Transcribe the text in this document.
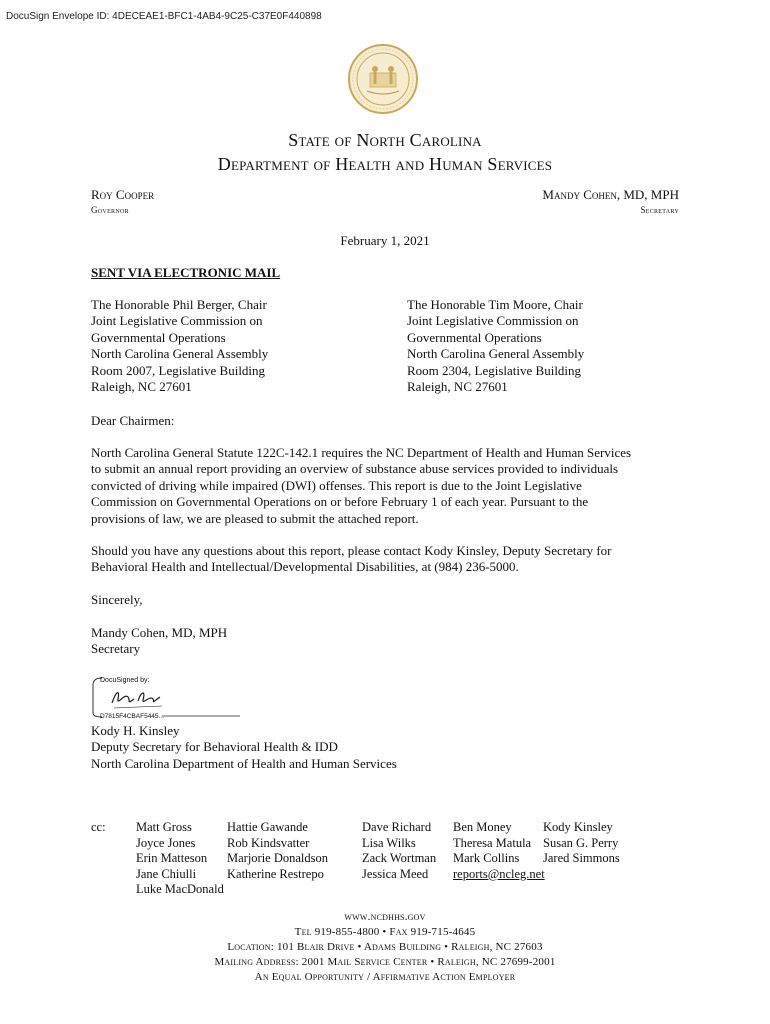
DocuSign Envelope ID: 4DECEAE1-BFC1-4AB4-9C25-C37E0F440898
State of North Carolina
Department of Health and Human Services
Roy Cooper
Governor
Mandy Cohen, MD, MPH
Secretary
February 1, 2021
SENT VIA ELECTRONIC MAIL
The Honorable Phil Berger, Chair
Joint Legislative Commission on
Governmental Operations
North Carolina General Assembly
Room 2007, Legislative Building
Raleigh, NC 27601
The Honorable Tim Moore, Chair
Joint Legislative Commission on
Governmental Operations
North Carolina General Assembly
Room 2304, Legislative Building
Raleigh, NC 27601
Dear Chairmen:
North Carolina General Statute 122C-142.1 requires the NC Department of Health and Human Services
to submit an annual report providing an overview of substance abuse services provided to individuals
convicted of driving while impaired (DWI) offenses. This report is due to the Joint Legislative
Commission on Governmental Operations on or before February 1 of each year. Pursuant to the
provisions of law, we are pleased to submit the attached report.
Should you have any questions about this report, please contact Kody Kinsley, Deputy Secretary for
Behavioral Health and Intellectual/Developmental Disabilities, at (984) 236-5000.
Sincerely,
Mandy Cohen, MD, MPH
Secretary
DocuSigned by:
D7815F4CBAF5445...
Kody H. Kinsley
Deputy Secretary for Behavioral Health & IDD
North Carolina Department of Health and Human Services
cc: Matt Gross
Joyce Jones
Erin Matteson
Jane Chiulli
Luke MacDonald
Hattie Gawande
Rob Kindsvatter
Marjorie Donaldson
Katherine Restrepo
Dave Richard
Lisa Wilks
Zack Wortman
Jessica Meed
Ben Money
Theresa Matula
Mark Collins
reports@ncleg.net
Kody Kinsley
Susan G. Perry
Jared Simmons
www.ncdhhs.gov
Tel 919-855-4800 • Fax 919-715-4645
Location: 101 Blair Drive • Adams Building • Raleigh, NC 27603
Mailing Address: 2001 Mail Service Center • Raleigh, NC 27699-2001
An Equal Opportunity / Affirmative Action Employer
